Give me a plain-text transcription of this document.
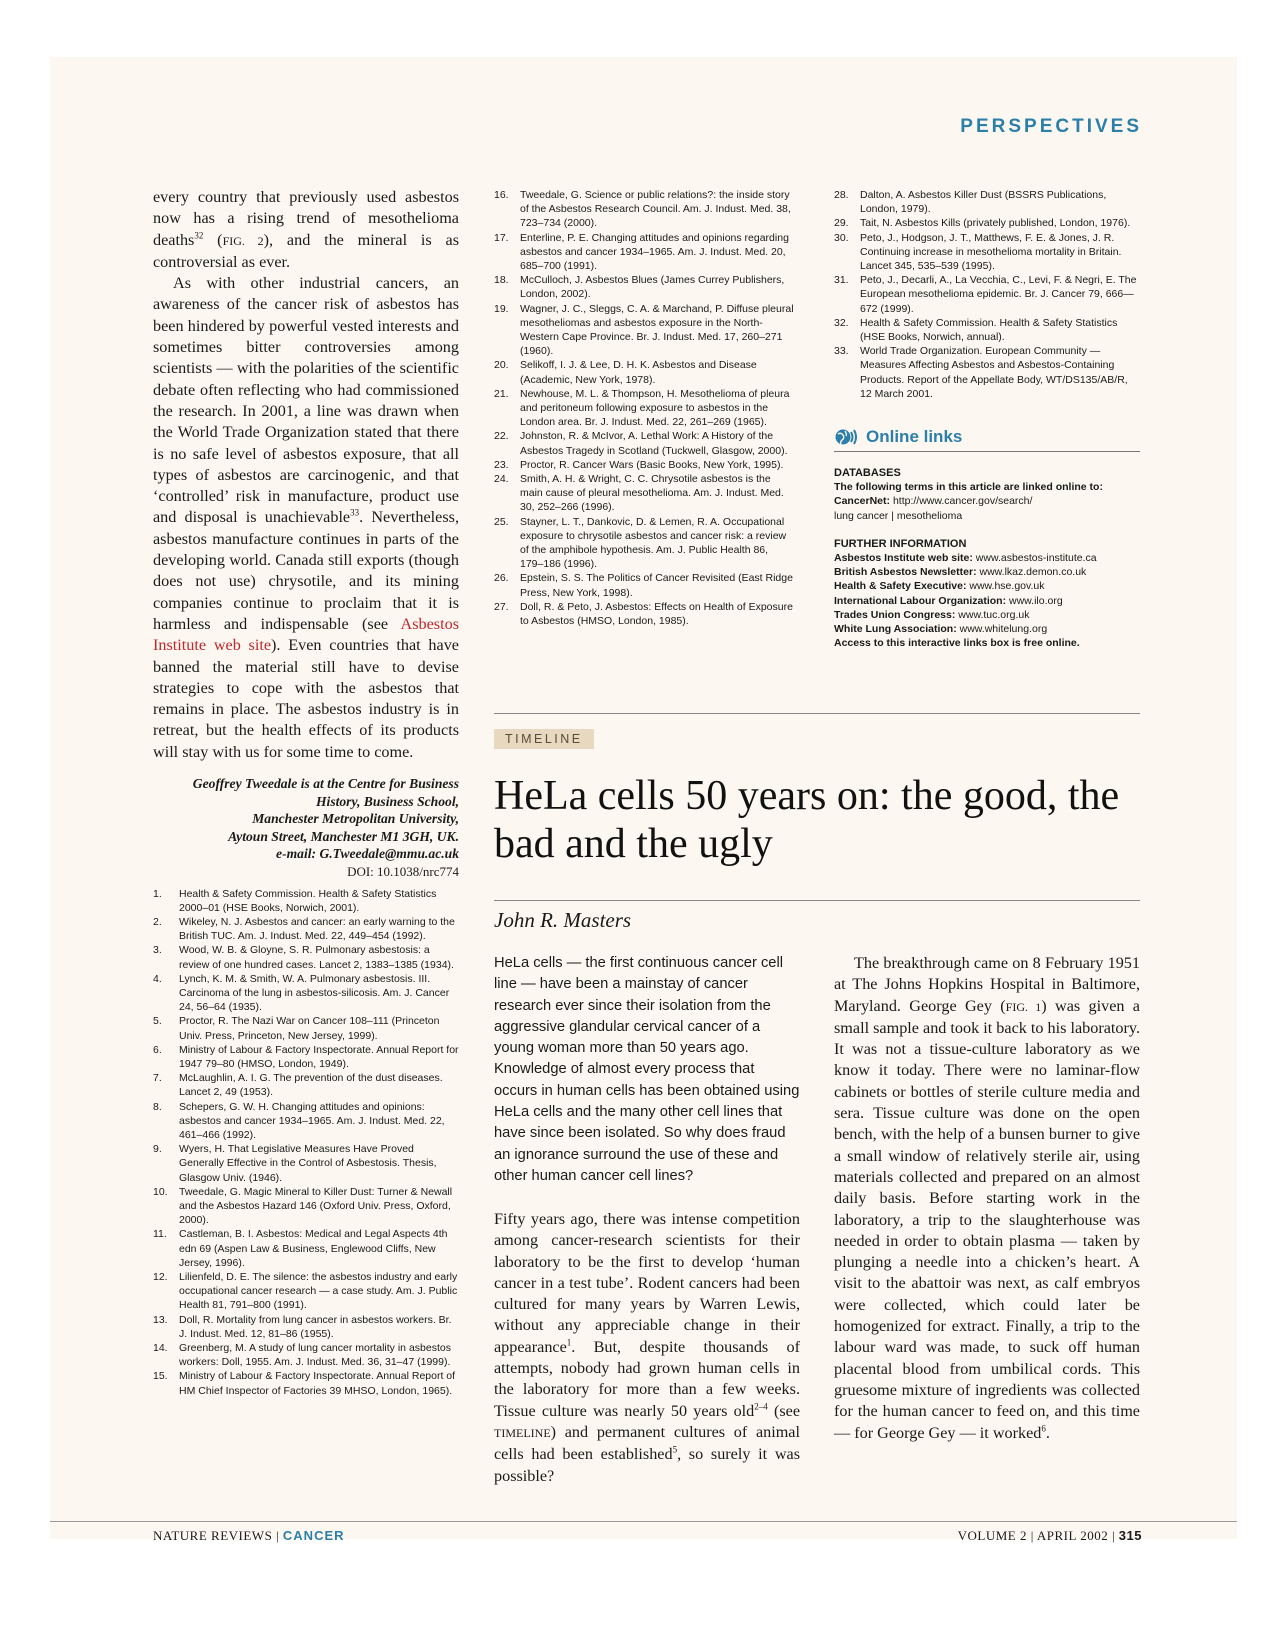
PERSPECTIVES

every country that previously used asbestos now has a rising trend of mesothelioma deaths$^{32}$ (FIG. 2), and the mineral is as controversial as ever.

As with other industrial cancers, an awareness of the cancer risk of asbestos has been hindered by powerful vested interests and sometimes bitter controversies among scientists — with the polarities of the scientific debate often reflecting who had commissioned the research. In 2001, a line was drawn when the World Trade Organization stated that there is no safe level of asbestos exposure, that all types of asbestos are carcinogenic, and that ‘controlled’ risk in manufacture, product use and disposal is unachievable$^{33}$. Nevertheless, asbestos manufacture continues in parts of the developing world. Canada still exports (though does not use) chrysotile, and its mining companies continue to proclaim that it is harmless and indispensable (see Asbestos Institute web site). Even countries that have banned the material still have to devise strategies to cope with the asbestos that remains in place. The asbestos industry is in retreat, but the health effects of its products will stay with us for some time to come.

Geoffrey Tweedale is at the Centre for Business
History, Business School,
Manchester Metropolitan University,
Aytoun Street, Manchester M1 3GH, UK.
e-mail: G.Tweedale@mmu.ac.uk
DOI: 10.1038/nrc774
1. Health & Safety Commission. Health & Safety Statistics 2000–01 (HSE Books, Norwich, 2001).
2. Wikeley, N. J. Asbestos and cancer: an early warning to the British TUC. Am. J. Indust. Med. 22, 449–454 (1992).
3. Wood, W. B. & Gloyne, S. R. Pulmonary asbestosis: a review of one hundred cases. Lancet 2, 1383–1385 (1934).
4. Lynch, K. M. & Smith, W. A. Pulmonary asbestosis. III. Carcinoma of the lung in asbestos-silicosis. Am. J. Cancer 24, 56–64 (1935).
5. Proctor, R. The Nazi War on Cancer 108–111 (Princeton Univ. Press, Princeton, New Jersey, 1999).
6. Ministry of Labour & Factory Inspectorate. Annual Report for 1947 79–80 (HMSO, London, 1949).
7. McLaughlin, A. I. G. The prevention of the dust diseases. Lancet 2, 49 (1953).
8. Schepers, G. W. H. Changing attitudes and opinions: asbestos and cancer 1934–1965. Am. J. Indust. Med. 22, 461–466 (1992).
9. Wyers, H. That Legislative Measures Have Proved Generally Effective in the Control of Asbestosis. Thesis, Glasgow Univ. (1946).
10. Tweedale, G. Magic Mineral to Killer Dust: Turner & Newall and the Asbestos Hazard 146 (Oxford Univ. Press, Oxford, 2000).
11. Castleman, B. I. Asbestos: Medical and Legal Aspects 4th edn 69 (Aspen Law & Business, Englewood Cliffs, New Jersey, 1996).
12. Lilienfeld, D. E. The silence: the asbestos industry and early occupational cancer research — a case study. Am. J. Public Health 81, 791–800 (1991).
13. Doll, R. Mortality from lung cancer in asbestos workers. Br. J. Indust. Med. 12, 81–86 (1955).
14. Greenberg, M. A study of lung cancer mortality in asbestos workers: Doll, 1955. Am. J. Indust. Med. 36, 31–47 (1999).
15. Ministry of Labour & Factory Inspectorate. Annual Report of HM Chief Inspector of Factories 39 MHSO, London, 1965).
16. Tweedale, G. Science or public relations?: the inside story of the Asbestos Research Council. Am. J. Indust. Med. 38, 723–734 (2000).
17. Enterline, P. E. Changing attitudes and opinions regarding asbestos and cancer 1934–1965. Am. J. Indust. Med. 20, 685–700 (1991).
18. McCulloch, J. Asbestos Blues (James Currey Publishers, London, 2002).
19. Wagner, J. C., Sleggs, C. A. & Marchand, P. Diffuse pleural mesotheliomas and asbestos exposure in the North-Western Cape Province. Br. J. Indust. Med. 17, 260–271 (1960).
20. Selikoff, I. J. & Lee, D. H. K. Asbestos and Disease (Academic, New York, 1978).
21. Newhouse, M. L. & Thompson, H. Mesothelioma of pleura and peritoneum following exposure to asbestos in the London area. Br. J. Indust. Med. 22, 261–269 (1965).
22. Johnston, R. & McIvor, A. Lethal Work: A History of the Asbestos Tragedy in Scotland (Tuckwell, Glasgow, 2000).
23. Proctor, R. Cancer Wars (Basic Books, New York, 1995).
24. Smith, A. H. & Wright, C. C. Chrysotile asbestos is the main cause of pleural mesothelioma. Am. J. Indust. Med. 30, 252–266 (1996).
25. Stayner, L. T., Dankovic, D. & Lemen, R. A. Occupational exposure to chrysotile asbestos and cancer risk: a review of the amphibole hypothesis. Am. J. Public Health 86, 179–186 (1996).
26. Epstein, S. S. The Politics of Cancer Revisited (East Ridge Press, New York, 1998).
27. Doll, R. & Peto, J. Asbestos: Effects on Health of Exposure to Asbestos (HMSO, London, 1985).
28. Dalton, A. Asbestos Killer Dust (BSSRS Publications, London, 1979).
29. Tait, N. Asbestos Kills (privately published, London, 1976).
30. Peto, J., Hodgson, J. T., Matthews, F. E. & Jones, J. R. Continuing increase in mesothelioma mortality in Britain. Lancet 345, 535–539 (1995).
31. Peto, J., Decarli, A., La Vecchia, C., Levi, F. & Negri, E. The European mesothelioma epidemic. Br. J. Cancer 79, 666—672 (1999).
32. Health & Safety Commission. Health & Safety Statistics (HSE Books, Norwich, annual).
33. World Trade Organization. European Community — Measures Affecting Asbestos and Asbestos-Containing Products. Report of the Appellate Body, WT/DS135/AB/R, 12 March 2001.
Online links
DATABASES
The following terms in this article are linked online to:
CancerNet: http://www.cancer.gov/search/
lung cancer | mesothelioma
FURTHER INFORMATION
Asbestos Institute web site: www.asbestos-institute.ca
British Asbestos Newsletter: www.lkaz.demon.co.uk
Health & Safety Executive: www.hse.gov.uk
International Labour Organization: www.ilo.org
Trades Union Congress: www.tuc.org.uk
White Lung Association: www.whitelung.org
Access to this interactive links box is free online.
TIMELINE
HeLa cells 50 years on: the good, the bad and the ugly
John R. Masters

HeLa cells — the first continuous cancer cell line — have been a mainstay of cancer research ever since their isolation from the aggressive glandular cervical cancer of a young woman more than 50 years ago. Knowledge of almost every process that occurs in human cells has been obtained using HeLa cells and the many other cell lines that have since been isolated. So why does fraud an ignorance surround the use of these and other human cancer cell lines?

Fifty years ago, there was intense competition among cancer-research scientists for their laboratory to be the first to develop ‘human cancer in a test tube’. Rodent cancers had been cultured for many years by Warren Lewis, without any appreciable change in their appearance$^1$. But, despite thousands of attempts, nobody had grown human cells in the laboratory for more than a few weeks. Tissue culture was nearly 50 years old$^{2-4}$ (see TIMELINE) and permanent cultures of animal cells had been established$^5$, so surely it was possible?

The breakthrough came on 8 February 1951 at The Johns Hopkins Hospital in Baltimore, Maryland. George Gey (FIG. 1) was given a small sample and took it back to his laboratory. It was not a tissue-culture laboratory as we know it today. There were no laminar-flow cabinets or bottles of sterile culture media and sera. Tissue culture was done on the open bench, with the help of a bunsen burner to give a small window of relatively sterile air, using materials collected and prepared on an almost daily basis. Before starting work in the laboratory, a trip to the slaughterhouse was needed in order to obtain plasma — taken by plunging a needle into a chicken’s heart. A visit to the abattoir was next, as calf embryos were collected, which could later be homogenized for extract. Finally, a trip to the labour ward was made, to suck off human placental blood from umbilical cords. This gruesome mixture of ingredients was collected for the human cancer to feed on, and this time — for George Gey — it worked$^6$.

NATURE REVIEWS | CANCER	VOLUME 2 | APRIL 2002 | 315
